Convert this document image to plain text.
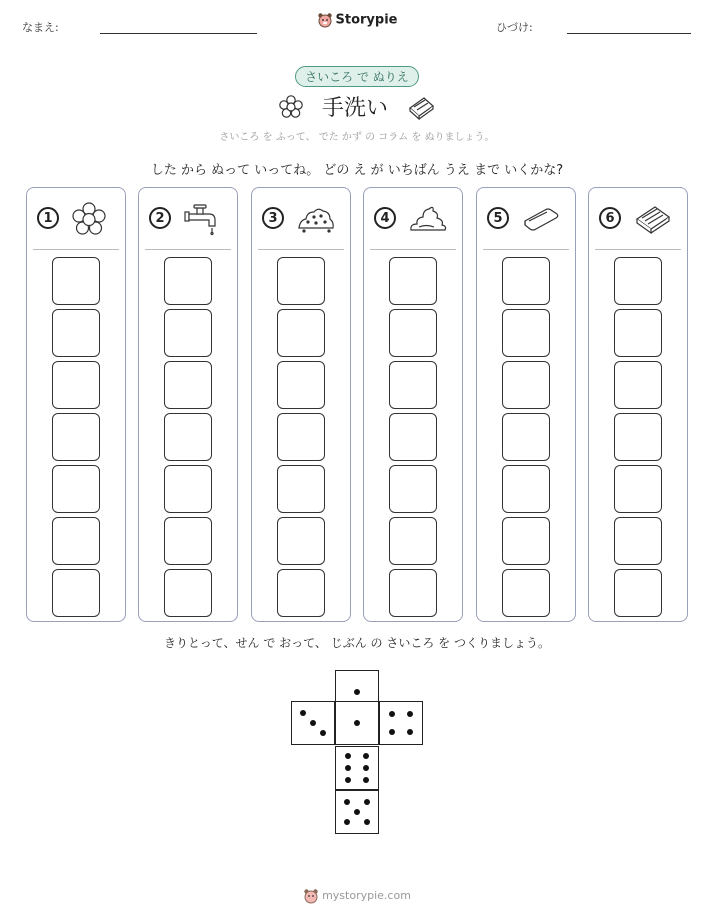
なまえ:	Storypie	ひづけ:
さいころ で ぬりえ
手洗い
さいころ を ふって、 でた かず の コラム を ぬりましょう。
した から ぬって いってね。 どの え が いちばん うえ まで いくかな?
1	2	3	4	5	6
きりとって、せん で おって、 じぶん の さいころ を つくりましょう。
mystorypie.com
